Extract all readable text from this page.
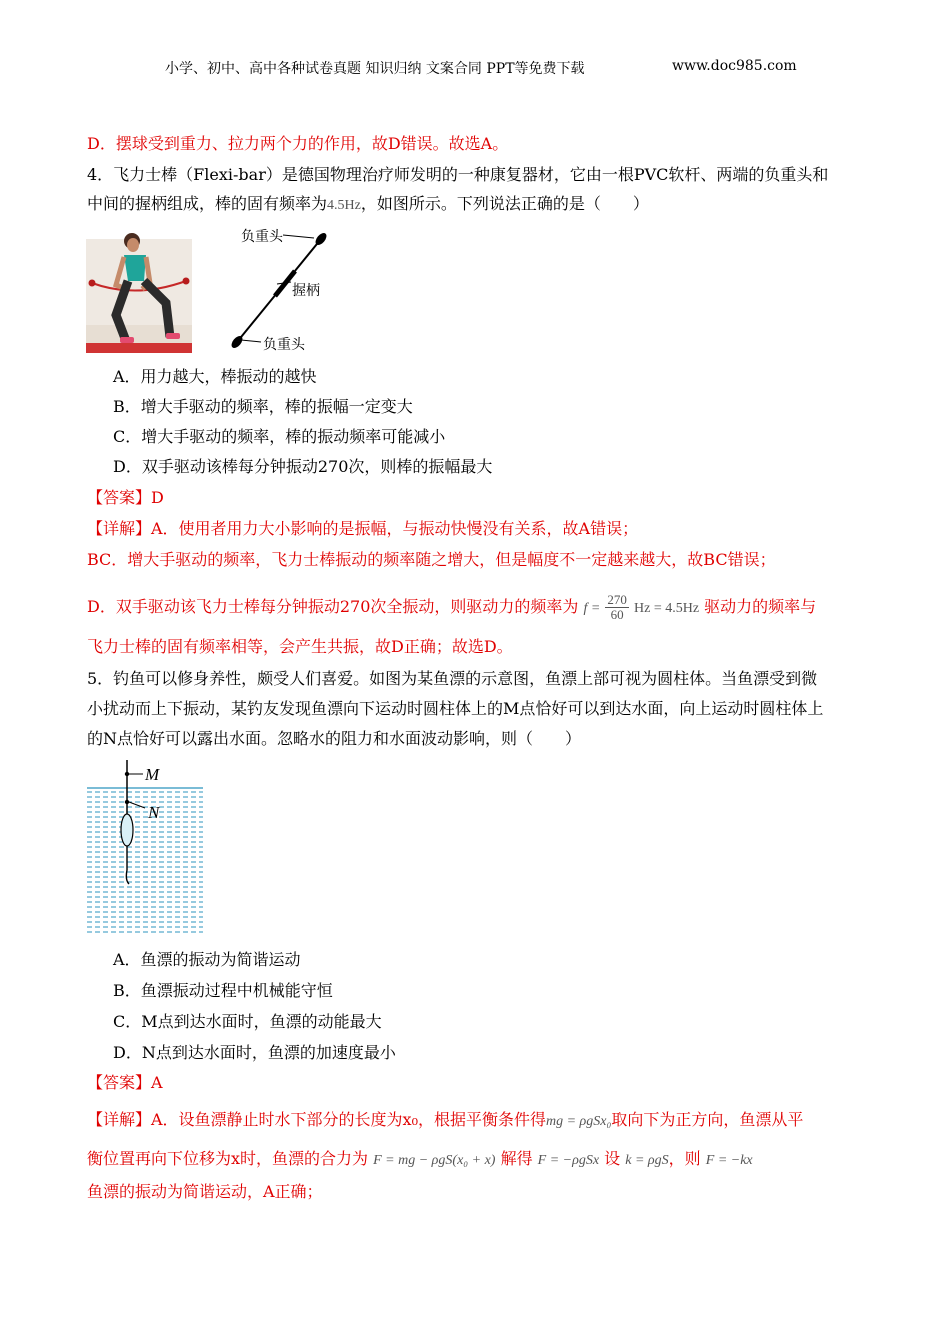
小学、初中、高中各种试卷真题 知识归纳 文案合同 PPT等免费下载	www.doc985.com
D．摆球受到重力、拉力两个力的作用，故D错误。故选A。
4．飞力士棒（Flexi-bar）是德国物理治疗师发明的一种康复器材，它由一根PVC软杆、两端的负重头和
中间的握柄组成，棒的固有频率为4.5Hz，如图所示。下列说法正确的是（　　）
负重头
握柄
负重头
A．用力越大，棒振动的越快
B．增大手驱动的频率，棒的振幅一定变大
C．增大手驱动的频率，棒的振动频率可能减小
D．双手驱动该棒每分钟振动270次，则棒的振幅最大
【答案】D
【详解】A．使用者用力大小影响的是振幅，与振动快慢没有关系，故A错误；
BC．增大手驱动的频率，飞力士棒振动的频率随之增大，但是幅度不一定越来越大，故BC错误；
D．双手驱动该飞力士棒每分钟振动270次全振动，则驱动力的频率为 $f = \frac{270}{60}$ Hz = 4.5Hz 驱动力的频率与
飞力士棒的固有频率相等，会产生共振，故D正确；故选D。
5．钓鱼可以修身养性，颇受人们喜爱。如图为某鱼漂的示意图，鱼漂上部可视为圆柱体。当鱼漂受到微
小扰动而上下振动，某钓友发现鱼漂向下运动时圆柱体上的M点恰好可以到达水面，向上运动时圆柱体上
的N点恰好可以露出水面。忽略水的阻力和水面波动影响，则（　　）
M
N
A．鱼漂的振动为简谐运动
B．鱼漂振动过程中机械能守恒
C．M点到达水面时，鱼漂的动能最大
D．N点到达水面时，鱼漂的加速度最小
【答案】A
【详解】A．设鱼漂静止时水下部分的长度为x₀，根据平衡条件得mg = ρgSx₀取向下为正方向，鱼漂从平
衡位置再向下位移为x时，鱼漂的合力为 F = mg − ρgS(x₀ + x) 解得 F = −ρgSx 设 k = ρgS，则 F = −kx
鱼漂的振动为简谐运动，A正确；
